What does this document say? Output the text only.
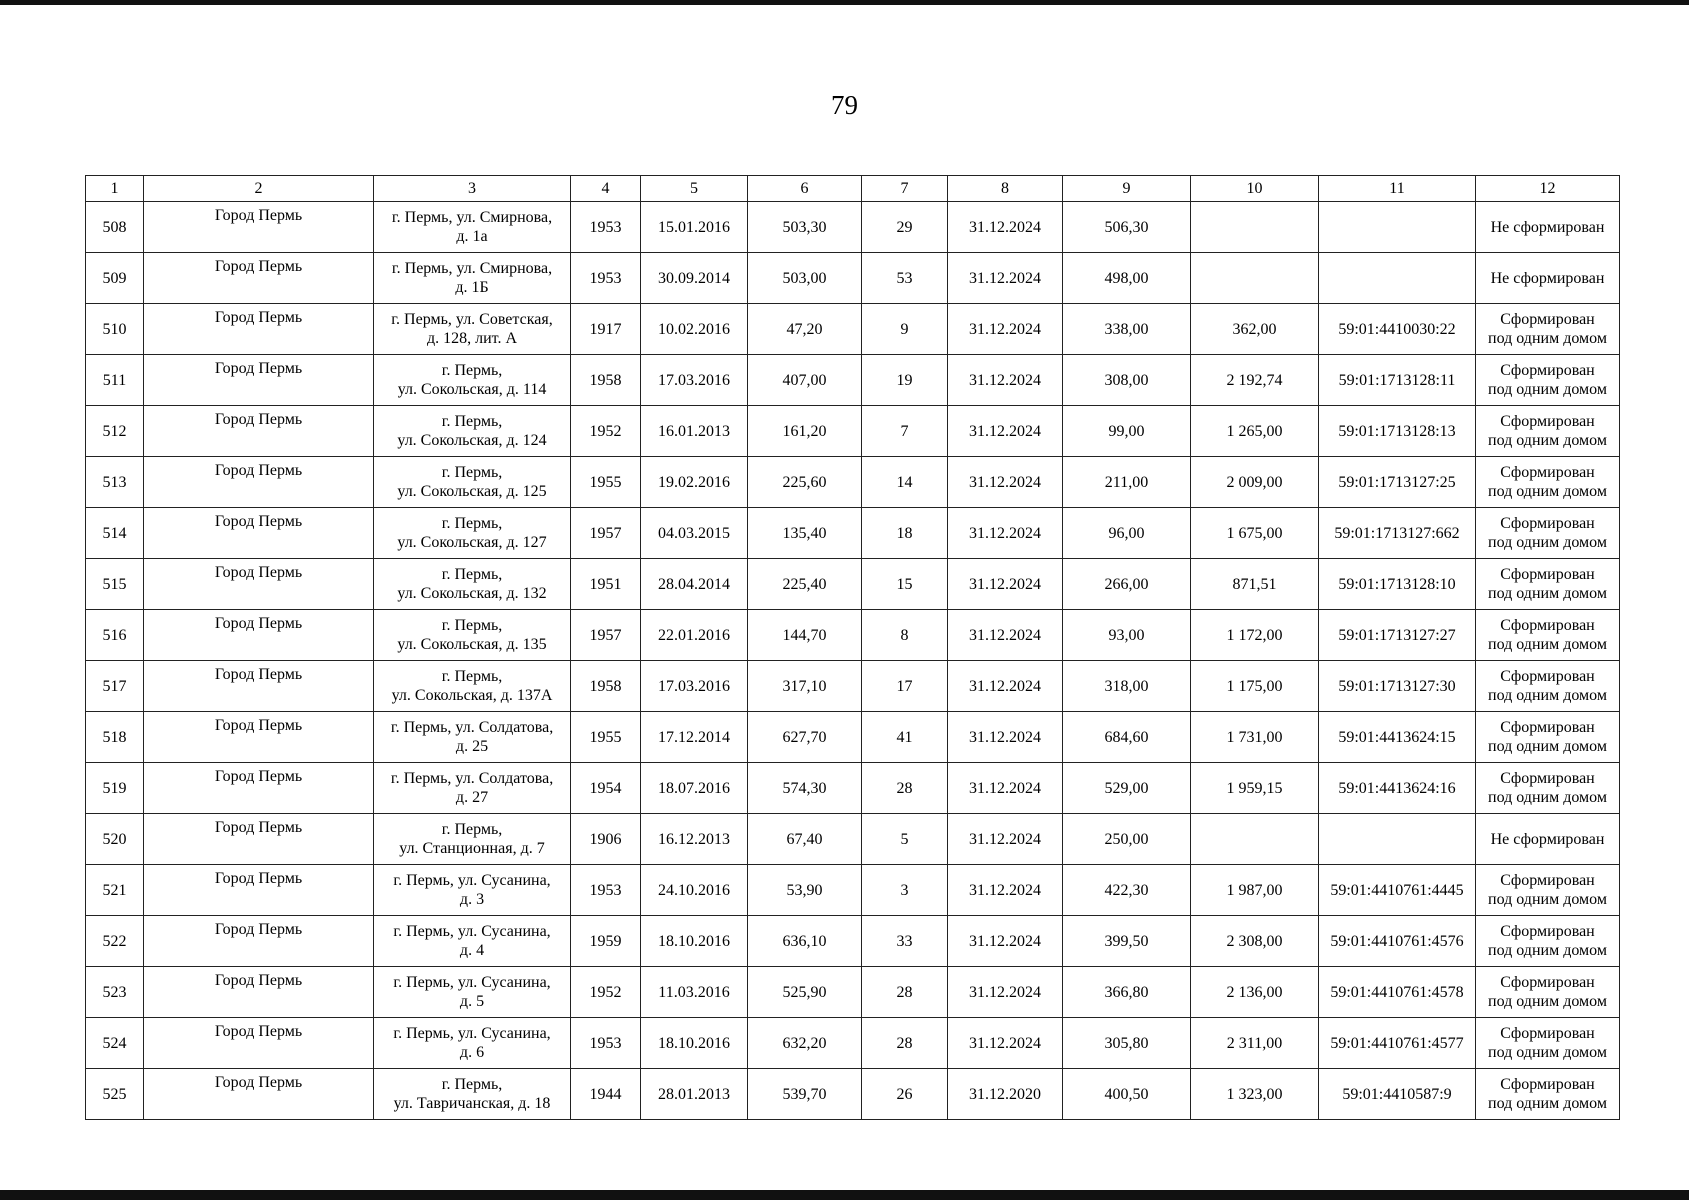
79
1	2	3	4	5	6	7	8	9	10	11	12
508	Город Пермь	г. Пермь, ул. Смирнова,
д. 1а	1953	15.01.2016	503,30	29	31.12.2024	506,30			Не сформирован

509	Город Пермь	г. Пермь, ул. Смирнова,
д. 1Б	1953	30.09.2014	503,00	53	31.12.2024	498,00			Не сформирован

510	Город Пермь	г. Пермь, ул. Советская,
д. 128, лит. А	1917	10.02.2016	47,20	9	31.12.2024	338,00	362,00	59:01:4410030:22	Сформирован
под одним домом

511	Город Пермь	г. Пермь,
ул. Сокольская, д. 114	1958	17.03.2016	407,00	19	31.12.2024	308,00	2 192,74	59:01:1713128:11	Сформирован
под одним домом

512	Город Пермь	г. Пермь,
ул. Сокольская, д. 124	1952	16.01.2013	161,20	7	31.12.2024	99,00	1 265,00	59:01:1713128:13	Сформирован
под одним домом

513	Город Пермь	г. Пермь,
ул. Сокольская, д. 125	1955	19.02.2016	225,60	14	31.12.2024	211,00	2 009,00	59:01:1713127:25	Сформирован
под одним домом

514	Город Пермь	г. Пермь,
ул. Сокольская, д. 127	1957	04.03.2015	135,40	18	31.12.2024	96,00	1 675,00	59:01:1713127:662	Сформирован
под одним домом

515	Город Пермь	г. Пермь,
ул. Сокольская, д. 132	1951	28.04.2014	225,40	15	31.12.2024	266,00	871,51	59:01:1713128:10	Сформирован
под одним домом

516	Город Пермь	г. Пермь,
ул. Сокольская, д. 135	1957	22.01.2016	144,70	8	31.12.2024	93,00	1 172,00	59:01:1713127:27	Сформирован
под одним домом

517	Город Пермь	г. Пермь,
ул. Сокольская, д. 137А	1958	17.03.2016	317,10	17	31.12.2024	318,00	1 175,00	59:01:1713127:30	Сформирован
под одним домом

518	Город Пермь	г. Пермь, ул. Солдатова,
д. 25	1955	17.12.2014	627,70	41	31.12.2024	684,60	1 731,00	59:01:4413624:15	Сформирован
под одним домом

519	Город Пермь	г. Пермь, ул. Солдатова,
д. 27	1954	18.07.2016	574,30	28	31.12.2024	529,00	1 959,15	59:01:4413624:16	Сформирован
под одним домом

520	Город Пермь	г. Пермь,
ул. Станционная, д. 7	1906	16.12.2013	67,40	5	31.12.2024	250,00			Не сформирован

521	Город Пермь	г. Пермь, ул. Сусанина,
д. 3	1953	24.10.2016	53,90	3	31.12.2024	422,30	1 987,00	59:01:4410761:4445	Сформирован
под одним домом

522	Город Пермь	г. Пермь, ул. Сусанина,
д. 4	1959	18.10.2016	636,10	33	31.12.2024	399,50	2 308,00	59:01:4410761:4576	Сформирован
под одним домом

523	Город Пермь	г. Пермь, ул. Сусанина,
д. 5	1952	11.03.2016	525,90	28	31.12.2024	366,80	2 136,00	59:01:4410761:4578	Сформирован
под одним домом

524	Город Пермь	г. Пермь, ул. Сусанина,
д. 6	1953	18.10.2016	632,20	28	31.12.2024	305,80	2 311,00	59:01:4410761:4577	Сформирован
под одним домом

525	Город Пермь	г. Пермь,
ул. Тавричанская, д. 18	1944	28.01.2013	539,70	26	31.12.2020	400,50	1 323,00	59:01:4410587:9	Сформирован
под одним домом
